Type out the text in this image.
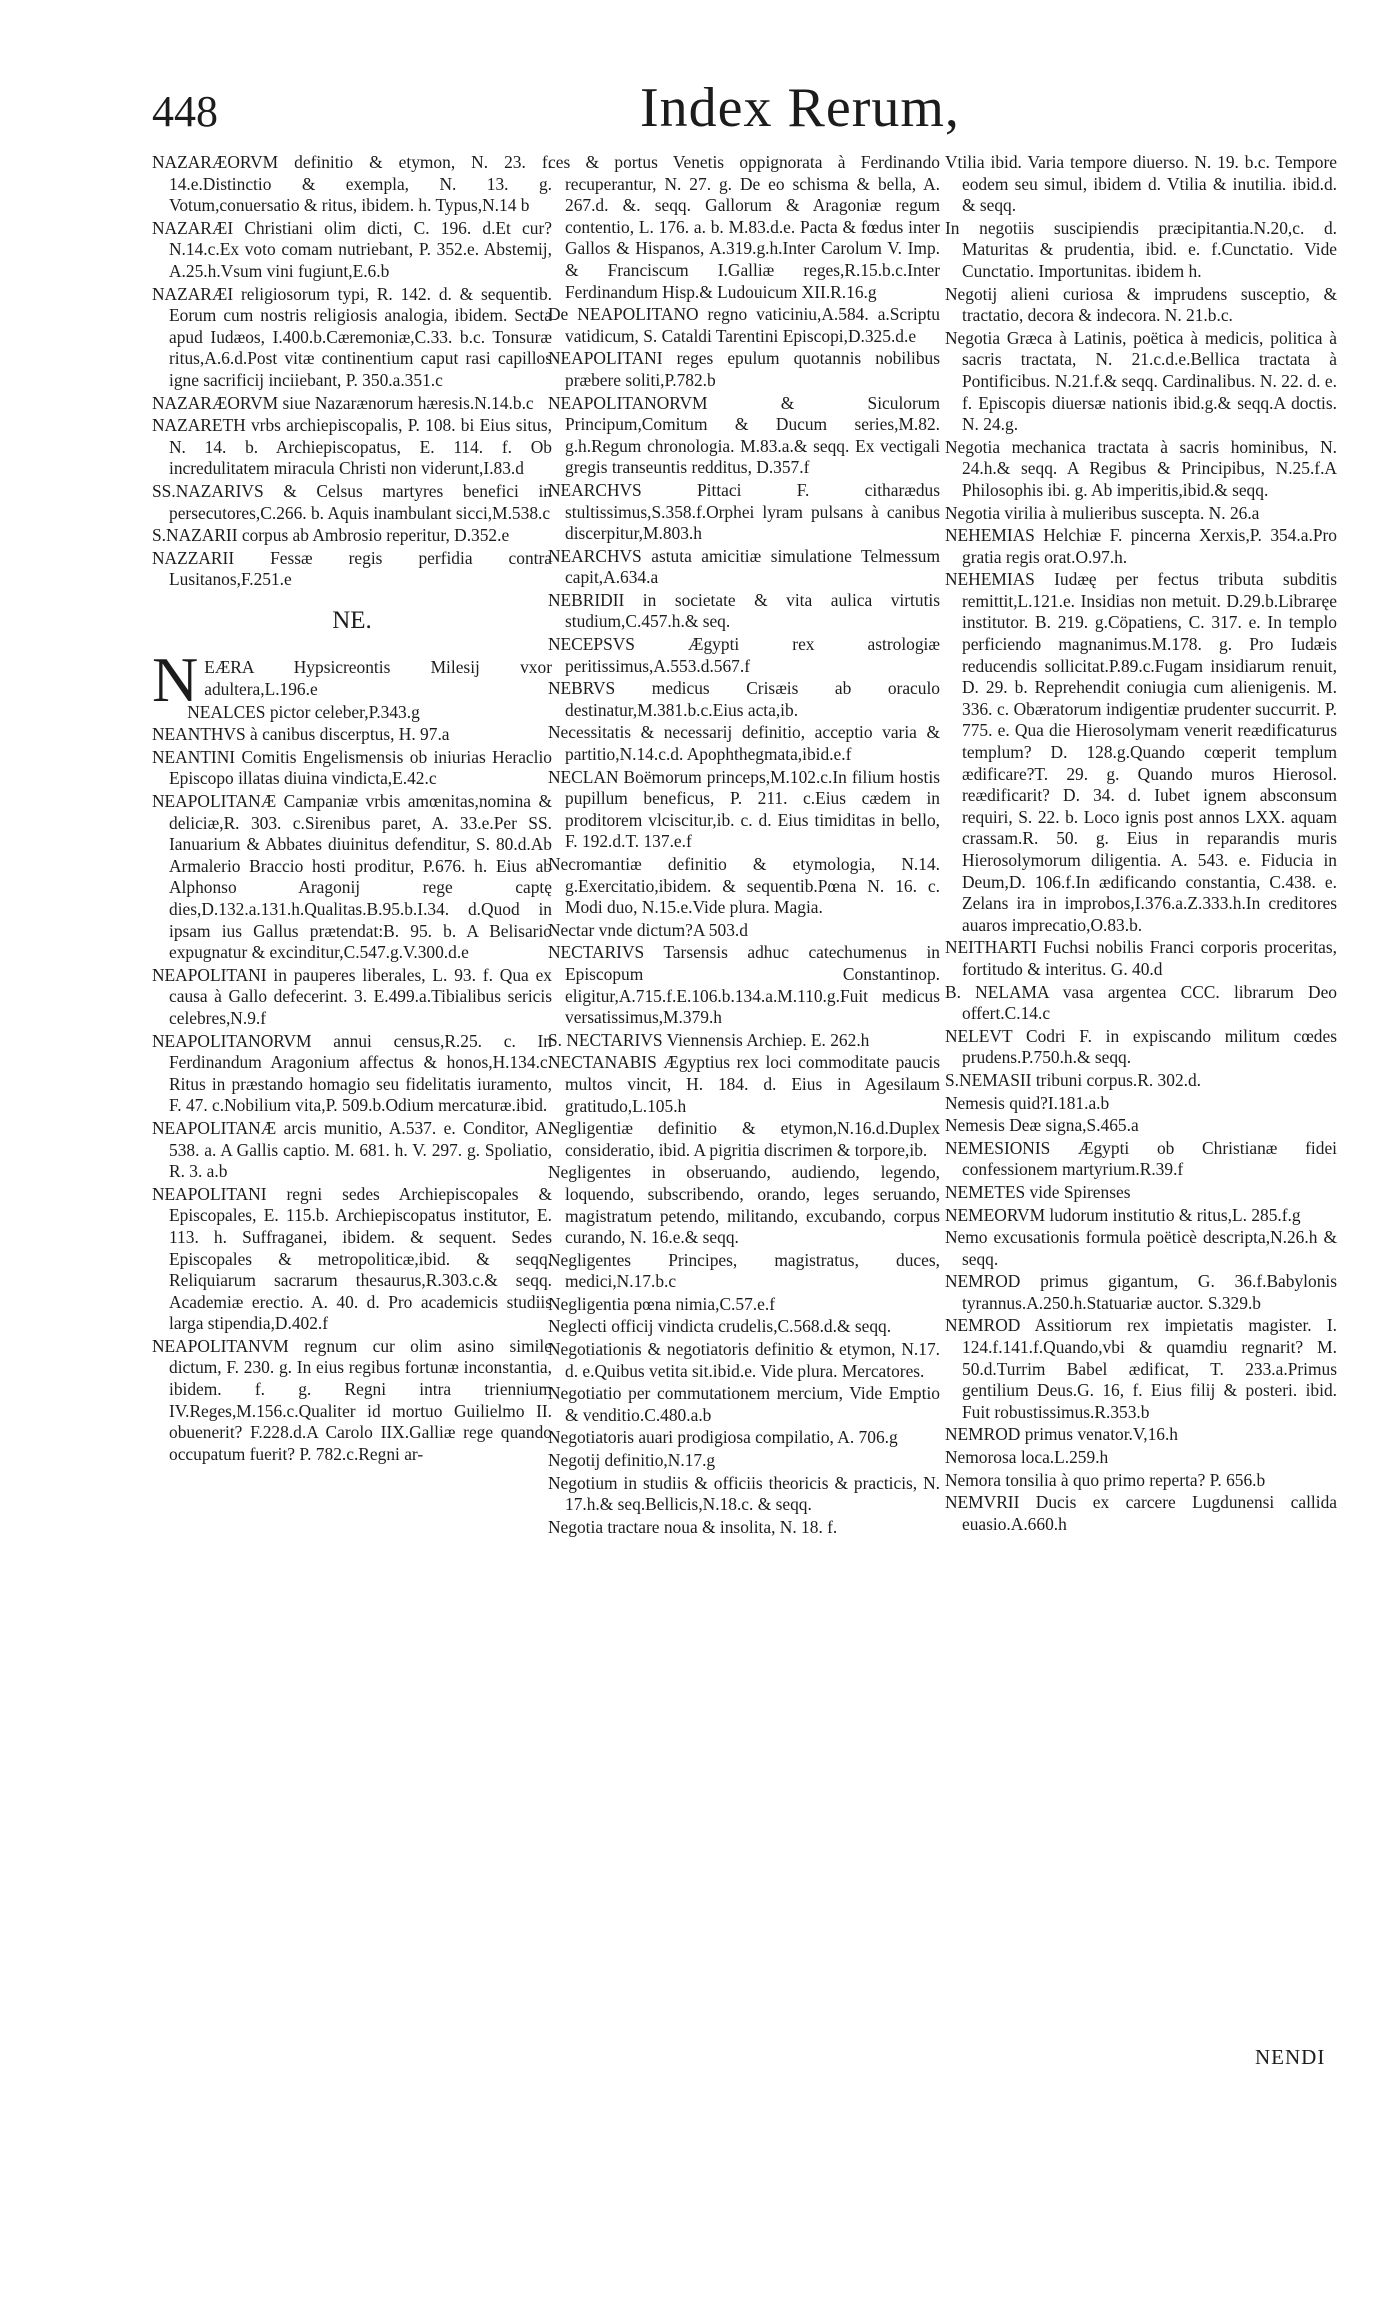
448	Index Rerum,

NAZARÆORVM definitio & etymon, N. 23. f. 14.e.Distinctio & exempla, N. 13. g. Votum,conuersatio & ritus, ibidem. h. Typus,N.14 b

NAZARÆI Christiani olim dicti, C. 196. d.Et cur? N.14.c.Ex voto comam nutriebant, P. 352.e. Abstemij, A.25.h.Vsum vini fugiunt,E.6.b

NAZARÆI religiosorum typi, R. 142. d. & sequentib. Eorum cum nostris religiosis analogia, ibidem. Secta apud Iudæos, I.400.b.Cæremoniæ,C.33. b.c. Tonsuræ ritus,A.6.d.Post vitæ continentium caput rasi capillos igne sacrificij inciiebant, P. 350.a.351.c

NAZARÆORVM siue Nazarænorum hæresis.N.14.b.c

NAZARETH vrbs archiepiscopalis, P. 108. bi Eius situs, N. 14. b. Archiepiscopatus, E. 114. f. Ob incredulitatem miracula Christi non viderunt,I.83.d

SS.NAZARIVS & Celsus martyres benefici in persecutores,C.266. b. Aquis inambulant sicci,M.538.c

S.NAZARII corpus ab Ambrosio reperitur, D.352.e

NAZZARII Fessæ regis perfidia contra Lusitanos,F.251.e

NE.

N EÆRA Hypsicreontis Milesij vxor adultera,L.196.e

NEALCES pictor celeber,P.343.g

NEANTHVS à canibus discerptus, H. 97.a

NEANTINI Comitis Engelismensis ob iniurias Heraclio Episcopo illatas diuina vindicta,E.42.c

NEAPOLITANÆ Campaniæ vrbis amœnitas,nomina & deliciæ,R. 303. c.Sirenibus paret, A. 33.e.Per SS. Ianuarium & Abbates diuinitus defenditur, S. 80.d.Ab Armalerio Braccio hosti proditur, P.676. h. Eius ab Alphonso Aragonij rege captę dies,D.132.a.131.h.Qualitas.B.95.b.I.34. d.Quod in ipsam ius Gallus prætendat:B. 95. b. A Belisario expugnatur & excinditur,C.547.g.V.300.d.e

NEAPOLITANI in pauperes liberales, L. 93. f. Qua ex causa à Gallo defecerint. 3. E.499.a.Tibialibus sericis celebres,N.9.f

NEAPOLITANORVM annui census,R.25. c. In Ferdinandum Aragonium affectus & honos,H.134.c. Ritus in præstando homagio seu fidelitatis iuramento, F. 47. c.Nobilium vita,P. 509.b.Odium mercaturæ.ibid.

NEAPOLITANÆ arcis munitio, A.537. e. Conditor, A. 538. a. A Gallis captio. M. 681. h. V. 297. g. Spoliatio, R. 3. a.b

NEAPOLITANI regni sedes Archiepiscopales & Episcopales, E. 115.b. Archiepiscopatus institutor, E. 113. h. Suffraganei, ibidem. & sequent. Sedes Episcopales & metropoliticæ,ibid. & seqq. Reliquiarum sacrarum thesaurus,R.303.c.& seqq. Academiæ erectio. A. 40. d. Pro academicis studiis larga stipendia,D.402.f

NEAPOLITANVM regnum cur olim asino simile dictum, F. 230. g. In eius regibus fortunæ inconstantia, ibidem. f. g. Regni intra triennium IV.Reges,M.156.c.Qualiter id mortuo Guilielmo II. obuenerit? F.228.d.A Carolo IIX.Galliæ rege quando occupatum fuerit? P. 782.c.Regni ar-

ces & portus Venetis oppignorata à Ferdinando recuperantur, N. 27. g. De eo schisma & bella, A. 267.d. &. seqq. Gallorum & Aragoniæ regum contentio, L. 176. a. b. M.83.d.e. Pacta & fœdus inter Gallos & Hispanos, A.319.g.h.Inter Carolum V. Imp. & Franciscum I.Galliæ reges,R.15.b.c.Inter Ferdinandum Hisp.& Ludouicum XII.R.16.g

De NEAPOLITANO regno vaticiniu,A.584. a.Scriptu vatidicum, S. Cataldi Tarentini Episcopi,D.325.d.e

NEAPOLITANI reges epulum quotannis nobilibus præbere soliti,P.782.b

NEAPOLITANORVM & Siculorum Principum,Comitum & Ducum series,M.82. g.h.Regum chronologia. M.83.a.& seqq. Ex vectigali gregis transeuntis redditus, D.357.f

NEARCHVS Pittaci F. citharædus stultissimus,S.358.f.Orphei lyram pulsans à canibus discerpitur,M.803.h

NEARCHVS astuta amicitiæ simulatione Telmessum capit,A.634.a

NEBRIDII in societate & vita aulica virtutis studium,C.457.h.& seq.

NECEPSVS Ægypti rex astrologiæ peritissimus,A.553.d.567.f

NEBRVS medicus Crisæis ab oraculo destinatur,M.381.b.c.Eius acta,ib.

Necessitatis & necessarij definitio, acceptio varia & partitio,N.14.c.d. Apophthegmata,ibid.e.f

NECLAN Boëmorum princeps,M.102.c.In filium hostis pupillum beneficus, P. 211. c.Eius cædem in proditorem vlciscitur,ib. c. d. Eius timiditas in bello, F. 192.d.T. 137.e.f

Necromantiæ definitio & etymologia, N.14. g.Exercitatio,ibidem. & sequentib.Pœna N. 16. c. Modi duo, N.15.e.Vide plura. Magia.

Nectar vnde dictum?A 503.d

NECTARIVS Tarsensis adhuc catechumenus in Episcopum Constantinop. eligitur,A.715.f.E.106.b.134.a.M.110.g.Fuit medicus versatissimus,M.379.h

S. NECTARIVS Viennensis Archiep. E. 262.h

NECTANABIS Ægyptius rex loci commoditate paucis multos vincit, H. 184. d. Eius in Agesilaum gratitudo,L.105.h

Negligentiæ definitio & etymon,N.16.d.Duplex consideratio, ibid. A pigritia discrimen & torpore,ib.

Negligentes in obseruando, audiendo, legendo, loquendo, subscribendo, orando, leges seruando, magistratum petendo, militando, excubando, corpus curando, N. 16.e.& seqq.

Negligentes Principes, magistratus, duces, medici,N.17.b.c

Negligentia pœna nimia,C.57.e.f

Neglecti officij vindicta crudelis,C.568.d.& seqq.

Negotiationis & negotiatoris definitio & etymon, N.17. d. e.Quibus vetita sit.ibid.e. Vide plura. Mercatores.

Negotiatio per commutationem mercium, Vide Emptio & venditio.C.480.a.b

Negotiatoris auari prodigiosa compilatio, A. 706.g

Negotij definitio,N.17.g

Negotium in studiis & officiis theoricis & practicis, N. 17.h.& seq.Bellicis,N.18.c. & seqq.

Negotia tractare noua & insolita, N. 18. f.

Vtilia ibid. Varia tempore diuerso. N. 19. b.c. Tempore eodem seu simul, ibidem d. Vtilia & inutilia. ibid.d. & seqq.

In negotiis suscipiendis præcipitantia.N.20,c. d. Maturitas & prudentia, ibid. e. f.Cunctatio. Vide Cunctatio. Importunitas. ibidem h.

Negotij alieni curiosa & imprudens susceptio, & tractatio, decora & indecora. N. 21.b.c.

Negotia Græca à Latinis, poëtica à medicis, politica à sacris tractata, N. 21.c.d.e.Bellica tractata à Pontificibus. N.21.f.& seqq. Cardinalibus. N. 22. d. e. f. Episcopis diuersæ nationis ibid.g.& seqq.A doctis. N. 24.g.

Negotia mechanica tractata à sacris hominibus, N. 24.h.& seqq. A Regibus & Principibus, N.25.f.A Philosophis ibi. g. Ab imperitis,ibid.& seqq.

Negotia virilia à mulieribus suscepta. N. 26.a

NEHEMIAS Helchiæ F. pincerna Xerxis,P. 354.a.Pro gratia regis orat.O.97.h.

NEHEMIAS Iudæę per fectus tributa subditis remittit,L.121.e. Insidias non metuit. D.29.b.Libraręe institutor. B. 219. g.Cöpatiens, C. 317. e. In templo perficiendo magnanimus.M.178. g. Pro Iudæis reducendis sollicitat.P.89.c.Fugam insidiarum renuit, D. 29. b. Reprehendit coniugia cum alienigenis. M. 336. c. Obæratorum indigentiæ prudenter succurrit. P. 775. e. Qua die Hierosolymam venerit reædificaturus templum? D. 128.g.Quando cœperit templum ædificare?T. 29. g. Quando muros Hierosol. reædificarit? D. 34. d. Iubet ignem absconsum requiri, S. 22. b. Loco ignis post annos LXX. aquam crassam.R. 50. g. Eius in reparandis muris Hierosolymorum diligentia. A. 543. e. Fiducia in Deum,D. 106.f.In ædificando constantia, C.438. e. Zelans ira in improbos,I.376.a.Z.333.h.In creditores auaros imprecatio,O.83.b.

NEITHARTI Fuchsi nobilis Franci corporis proceritas, fortitudo & interitus. G. 40.d

B. NELAMA vasa argentea CCC. librarum Deo offert.C.14.c

NELEVT Codri F. in expiscando militum cœdes prudens.P.750.h.& seqq.

S.NEMASII tribuni corpus.R. 302.d.

Nemesis quid?I.181.a.b

Nemesis Deæ signa,S.465.a

NEMESIONIS Ægypti ob Christianæ fidei confessionem martyrium.R.39.f

NEMETES vide Spirenses

NEMEORVM ludorum institutio & ritus,L. 285.f.g

Nemo excusationis formula poëticè descripta,N.26.h & seqq.

NEMROD primus gigantum, G. 36.f.Babylonis tyrannus.A.250.h.Statuariæ auctor. S.329.b

NEMROD Assitiorum rex impietatis magister. I. 124.f.141.f.Quando,vbi & quamdiu regnarit? M. 50.d.Turrim Babel ædificat, T. 233.a.Primus gentilium Deus.G. 16, f. Eius filij & posteri. ibid. Fuit robustissimus.R.353.b

NEMROD primus venator.V,16.h

Nemorosa loca.L.259.h

Nemora tonsilia à quo primo reperta? P. 656.b

NEMVRII Ducis ex carcere Lugdunensi callida euasio.A.660.h

NENDI
